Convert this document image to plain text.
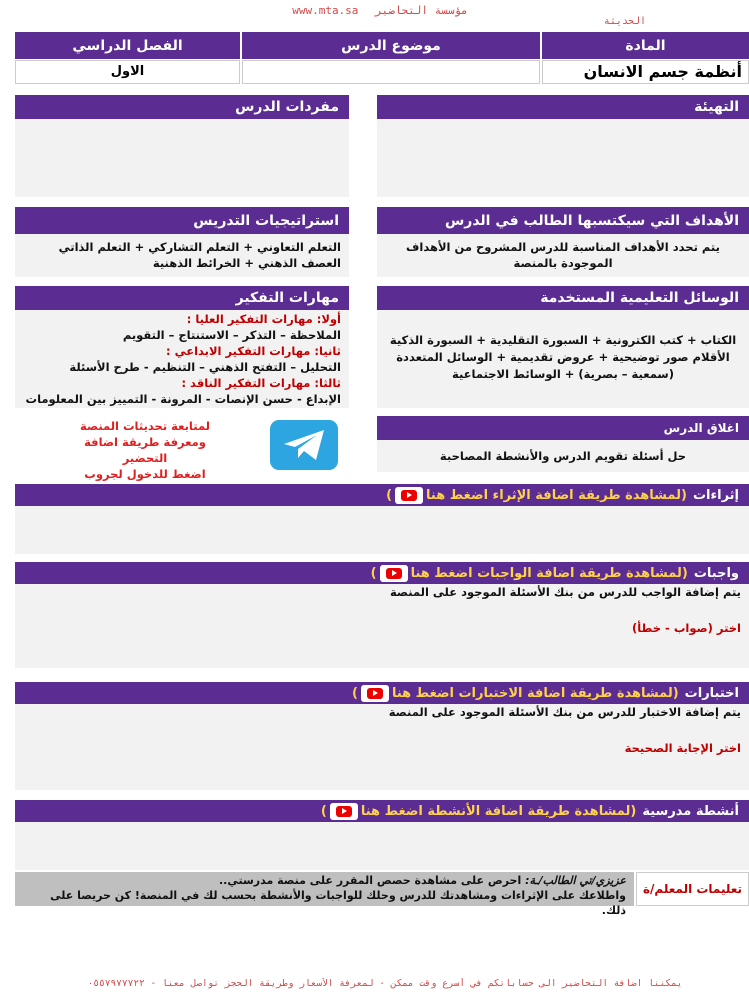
www.mta.sa مؤسسة التحاضير
الحديثة
المادة
موضوع الدرس
الفصل الدراسي
أنظمة جسم الانسان
الاول
التهيئة
مفردات الدرس
الأهداف التي سيكتسبها الطالب في الدرس
يتم تحدد الأهداف المناسبة للدرس المشروح من الأهداف الموجودة بالمنصة
استراتيجيات التدريس
التعلم التعاوني + التعلم التشاركي + التعلم الذاتي
العصف الذهني + الخرائط الذهنية
الوسائل التعليمية المستخدمة
الكتاب + كتب الكترونية + السبورة التقليدية + السبورة الذكية الأقلام صور توضيحية + عروض تقديمية + الوسائل المتعددة (سمعية – بصرية) + الوسائط الاجتماعية
مهارات التفكير
أولا: مهارات التفكير العليا :
الملاحظة – التذكر – الاستنتاج – التقويم
ثانيا: مهارات التفكير الابداعي :
التحليل – التفتح الذهني – التنظيم - طرح الأسئلة
ثالثا: مهارات التفكير الناقد :
الإبداع - حسن الإنصات - المرونة - التمييز بين المعلومات
اغلاق الدرس
حل أسئلة تقويم الدرس والأنشطة المصاحبة
لمتابعة تحديثات المنصة
ومعرفة طريقة اضافة التحضير
اضغط للدخول لجروب
إثراءات
(لمشاهدة طريقة اضافة الإثراء اضغط هنا)
واجبات
(لمشاهدة طريقة اضافة الواجبات اضغط هنا)
يتم إضافة الواجب للدرس من بنك الأسئلة الموجود على المنصة
اختر (صواب - خطأ)
اختبارات
(لمشاهدة طريقة اضافة الاختبارات اضغط هنا)
يتم إضافة الاختبار للدرس من بنك الأسئلة الموجود على المنصة
اختر الإجابة الصحيحة
أنشطة مدرسية
(لمشاهدة طريقة اضافة الأنشطة اضغط هنا)
تعليمات المعلم/ة
عزيزي/تي الطالب/ـة: احرص على مشاهدة حصص المقرر على منصة مدرستي..
واطلاعك على الإثراءات ومشاهدتك للدرس وحلك للواجبات والأنشطة بحسب لك في المنصة! كن حريصا على ذلك.
يمكننا اضافة التحاضير الى حساباتكم في أسرع وقت ممكن - لمعرفة الأسعار وطريقة الحجز تواصل معنا - ٠٥٥٧٩٧٧٧٢٢
